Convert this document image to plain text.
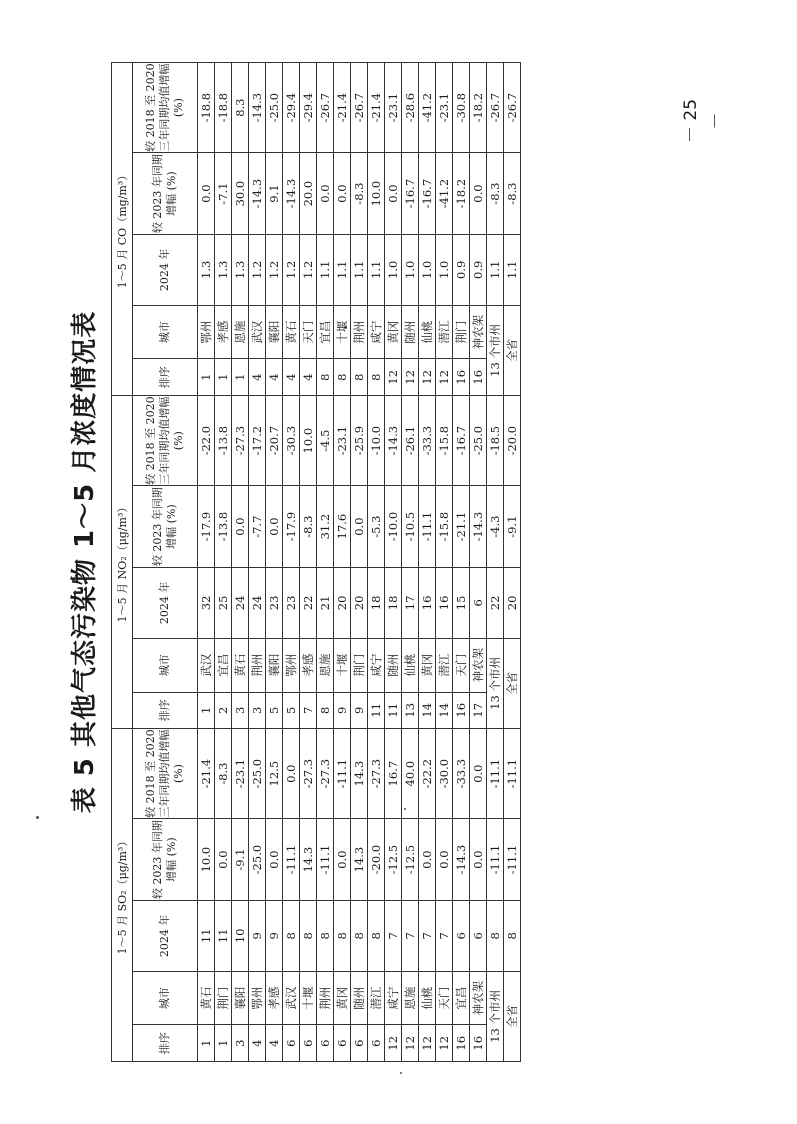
－ 25 －
表 5 其他气态污染物 1～5 月浓度情况表
1～5 月 SO₂（μg/m³）					1～5 月 NO₂（μg/m³）					1～5 月 CO（mg/m³）				
排序	城市	2024 年	较 2023 年同期增幅 (%)	较 2018 至 2020 三年同期均值增幅 (%)	排序	城市	2024 年	较 2023 年同期增幅 (%)	较 2018 至 2020 三年同期均值增幅 (%)	排序	城市	2024 年	较 2023 年同期增幅 (%)	较 2018 至 2020 三年同期均值增幅 (%)
1	黄石	11	10.0	-21.4	1	武汉	32	-17.9	-22.0	1	鄂州	1.3	0.0	-18.8
1	荆门	11	0.0	-8.3	2	宜昌	25	-13.8	-13.8	1	孝感	1.3	-7.1	-18.8
3	襄阳	10	-9.1	-23.1	3	黄石	24	0.0	-27.3	1	恩施	1.3	30.0	8.3
4	鄂州	9	-25.0	-25.0	3	荆州	24	-7.7	-17.2	4	武汉	1.2	-14.3	-14.3
4	孝感	9	0.0	12.5	5	襄阳	23	0.0	-20.7	4	襄阳	1.2	9.1	-25.0
6	武汉	8	-11.1	0.0	5	鄂州	23	-17.9	-30.3	4	黄石	1.2	-14.3	-29.4
6	十堰	8	14.3	-27.3	7	孝感	22	-8.3	10.0	4	天门	1.2	20.0	-29.4
6	荆州	8	-11.1	-27.3	8	恩施	21	31.2	-4.5	8	宜昌	1.1	0.0	-26.7
6	黄冈	8	0.0	-11.1	9	十堰	20	17.6	-23.1	8	十堰	1.1	0.0	-21.4
6	随州	8	14.3	14.3	9	荆门	20	0.0	-25.9	8	荆州	1.1	-8.3	-26.7
6	潜江	8	-20.0	-27.3	11	咸宁	18	-5.3	-10.0	8	咸宁	1.1	10.0	-21.4
12	咸宁	7	-12.5	16.7	11	随州	18	-10.0	-14.3	12	黄冈	1.0	0.0	-23.1
12	恩施	7	-12.5	40.0	13	仙桃	17	-10.5	-26.1	12	随州	1.0	-16.7	-28.6
12	仙桃	7	0.0	-22.2	14	黄冈	16	-11.1	-33.3	12	仙桃	1.0	-16.7	-41.2
12	天门	7	0.0	-30.0	14	潜江	16	-15.8	-15.8	12	潜江	1.0	-41.2	-23.1
16	宜昌	6	-14.3	-33.3	16	天门	15	-21.1	-16.7	16	荆门	0.9	-18.2	-30.8
16	神农架	6	0.0	0.0	17	神农架	6	-14.3	-25.0	16	神农架	0.9	0.0	-18.2
13 个市州		8	-11.1	-11.1	13 个市州		22	-4.3	-18.5	13 个市州		1.1	-8.3	-26.7
全省		8	-11.1	-11.1	全省		20	-9.1	-20.0	全省		1.1	-8.3	-26.7
